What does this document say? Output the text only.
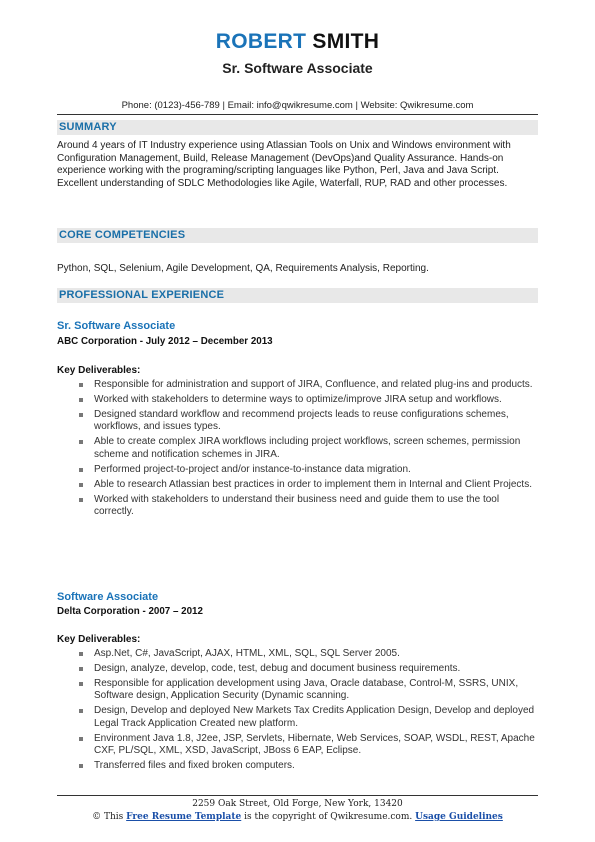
ROBERT SMITH
Sr. Software Associate
Phone: (0123)-456-789 | Email: info@qwikresume.com | Website: Qwikresume.com
SUMMARY
Around 4 years of IT Industry experience using Atlassian Tools on Unix and Windows environment with Configuration Management, Build, Release Management (DevOps)and Quality Assurance. Hands-on experience working with the programing/scripting languages like Python, Perl, Java and Java Script. Excellent understanding of SDLC Methodologies like Agile, Waterfall, RUP, RAD and other processes.
CORE COMPETENCIES
Python, SQL, Selenium, Agile Development, QA, Requirements Analysis, Reporting.
PROFESSIONAL EXPERIENCE
Sr. Software Associate
ABC Corporation - July 2012 – December 2013
Key Deliverables:
Responsible for administration and support of JIRA, Confluence, and related plug-ins and products.
Worked with stakeholders to determine ways to optimize/improve JIRA setup and workflows.
Designed standard workflow and recommend projects leads to reuse configurations schemes, workflows, and issues types.
Able to create complex JIRA workflows including project workflows, screen schemes, permission scheme and notification schemes in JIRA.
Performed project-to-project and/or instance-to-instance data migration.
Able to research Atlassian best practices in order to implement them in Internal and Client Projects.
Worked with stakeholders to understand their business need and guide them to use the tool correctly.
Software Associate
Delta Corporation - 2007 – 2012
Key Deliverables:
Asp.Net, C#, JavaScript, AJAX, HTML, XML, SQL, SQL Server 2005.
Design, analyze, develop, code, test, debug and document business requirements.
Responsible for application development using Java, Oracle database, Control-M, SSRS, UNIX, Software design, Application Security (Dynamic scanning.
Design, Develop and deployed New Markets Tax Credits Application Design, Develop and deployed Legal Track Application Created new platform.
Environment Java 1.8, J2ee, JSP, Servlets, Hibernate, Web Services, SOAP, WSDL, REST, Apache CXF, PL/SQL, XML, XSD, JavaScript, JBoss 6 EAP, Eclipse.
Transferred files and fixed broken computers.
2259 Oak Street, Old Forge, New York, 13420
© This Free Resume Template is the copyright of Qwikresume.com. Usage Guidelines
